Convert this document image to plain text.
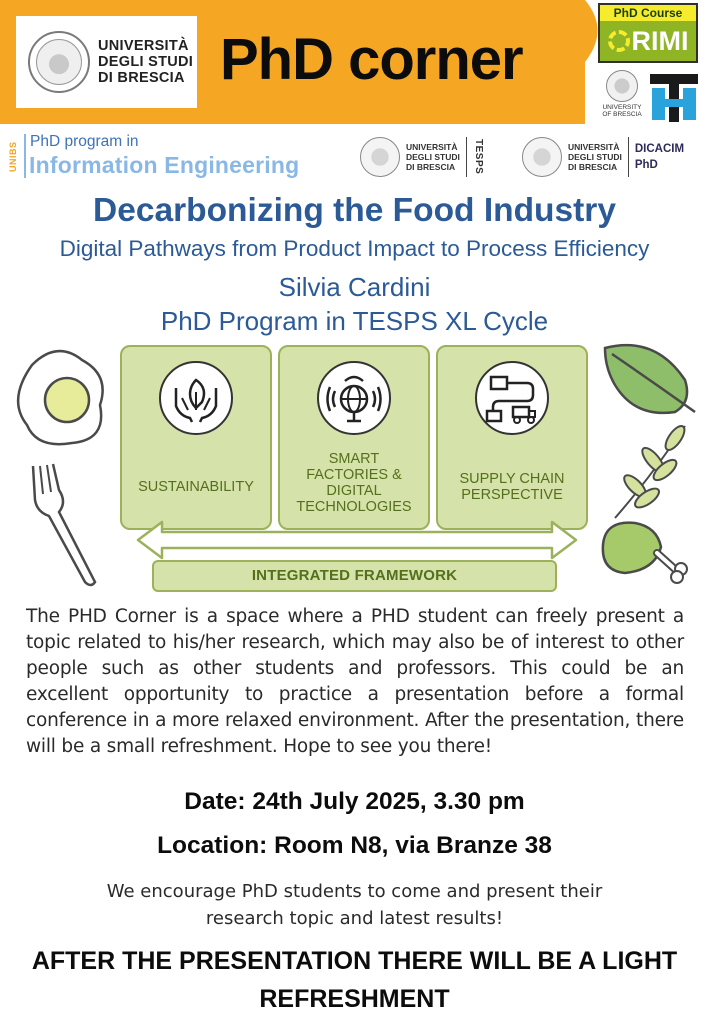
UNIVERSITÀ
DEGLI STUDI
DI BRESCIA PhD corner
PhD Course
RIMI
UNIVERSITY
OF BRESCIA
UNIBS
PhD program in
Information Engineering
UNIVERSITÀ
DEGLI STUDI
DI BRESCIA	TESPS	UNIVERSITÀ
DEGLI STUDI
DI BRESCIA
DICACIM
PhD
Decarbonizing the Food Industry
Digital Pathways from Product Impact to Process Efficiency
Silvia Cardini
PhD Program in TESPS XL Cycle
SUSTAINABILITY
SMART
FACTORIES &
DIGITAL
TECHNOLOGIES
SUPPLY CHAIN
PERSPECTIVE
INTEGRATED FRAMEWORK
The PHD Corner is a space where a PHD student can freely present a topic related to his/her research, which may also be of interest to other people such as other students and professors. This could be an excellent opportunity to practice a presentation before a formal conference in a more relaxed environment. After the presentation, there will be a small refreshment. Hope to see you there!
Date: 24th July 2025, 3.30 pm
Location: Room N8, via Branze 38
We encourage PhD students to come and present their research topic and latest results!
AFTER THE PRESENTATION THERE WILL BE A LIGHT REFRESHMENT
